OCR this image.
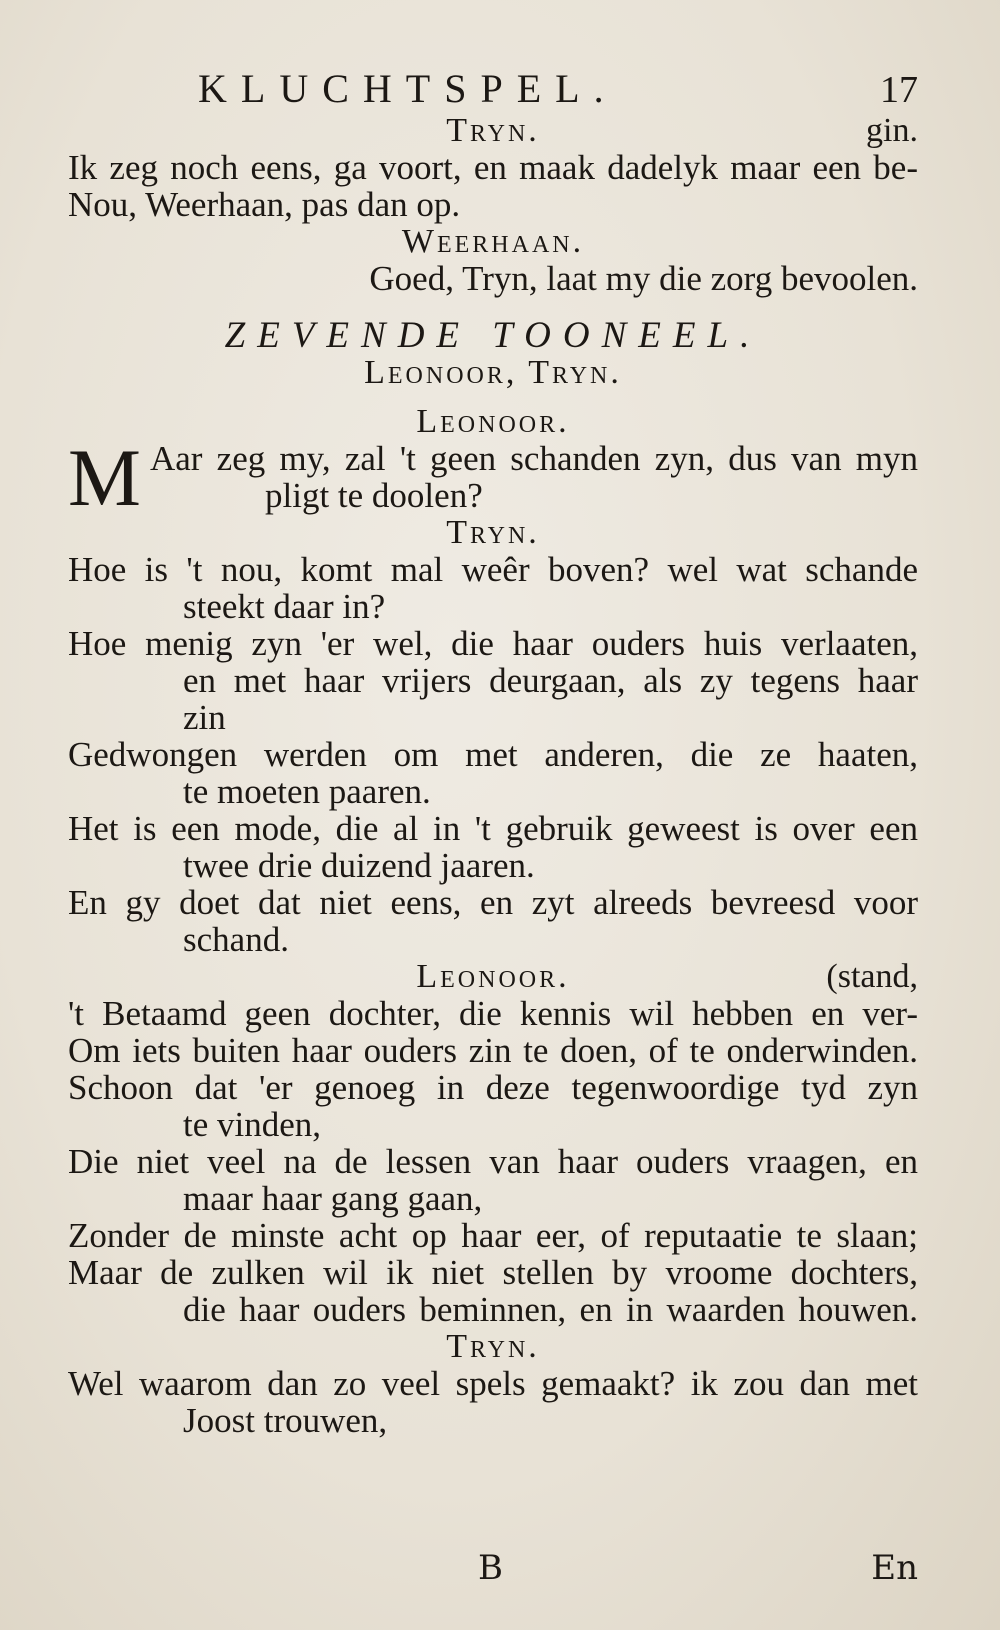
KLUCHTSPEL.	17
Tryn.	gin.
Ik zeg noch eens, ga voort, en maak dadelyk maar een be-
Nou, Weerhaan, pas dan op.
Weerhaan.
Goed, Tryn, laat my die zorg bevoolen.
ZEVENDE TOONEEL.
Leonoor, Tryn.
Leonoor.
M Aar zeg my, zal 't geen schanden zyn, dus van myn
pligt te doolen?
Tryn.
Hoe is 't nou, komt mal weêr boven? wel wat schande
steekt daar in?
Hoe menig zyn 'er wel, die haar ouders huis verlaaten,
en met haar vrijers deurgaan, als zy tegens haar
zin
Gedwongen werden om met anderen, die ze haaten,
te moeten paaren.
Het is een mode, die al in 't gebruik geweest is over een
twee drie duizend jaaren.
En gy doet dat niet eens, en zyt alreeds bevreesd voor
schand.
Leonoor.	(stand,
't Betaamd geen dochter, die kennis wil hebben en ver-
Om iets buiten haar ouders zin te doen, of te onderwinden.
Schoon dat 'er genoeg in deze tegenwoordige tyd zyn
te vinden,
Die niet veel na de lessen van haar ouders vraagen, en
maar haar gang gaan,
Zonder de minste acht op haar eer, of reputaatie te slaan;
Maar de zulken wil ik niet stellen by vroome dochters,
die haar ouders beminnen, en in waarden houwen.
Tryn.
Wel waarom dan zo veel spels gemaakt? ik zou dan met
Joost trouwen,
B	En
